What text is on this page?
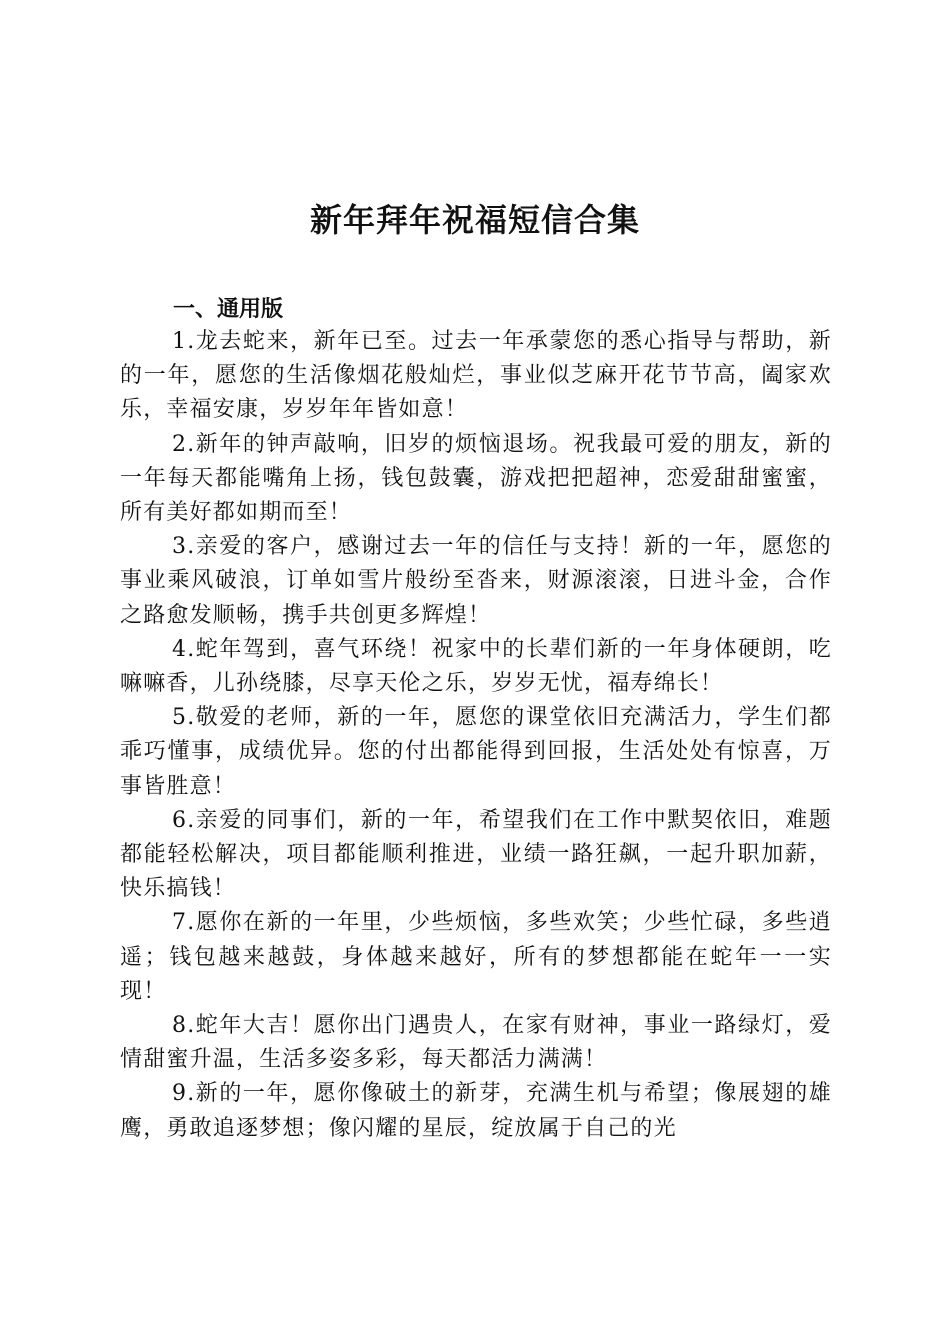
新年拜年祝福短信合集
一、通用版

1.龙去蛇来，新年已至。过去一年承蒙您的悉心指导与帮助，新的一年，愿您的生活像烟花般灿烂，事业似芝麻开花节节高，阖家欢乐，幸福安康，岁岁年年皆如意！

2.新年的钟声敲响，旧岁的烦恼退场。祝我最可爱的朋友，新的一年每天都能嘴角上扬，钱包鼓囊，游戏把把超神，恋爱甜甜蜜蜜，所有美好都如期而至！

3.亲爱的客户，感谢过去一年的信任与支持！新的一年，愿您的事业乘风破浪，订单如雪片般纷至沓来，财源滚滚，日进斗金，合作之路愈发顺畅，携手共创更多辉煌！

4.蛇年驾到，喜气环绕！祝家中的长辈们新的一年身体硬朗，吃嘛嘛香，儿孙绕膝，尽享天伦之乐，岁岁无忧，福寿绵长！

5.敬爱的老师，新的一年，愿您的课堂依旧充满活力，学生们都乖巧懂事，成绩优异。您的付出都能得到回报，生活处处有惊喜，万事皆胜意！

6.亲爱的同事们，新的一年，希望我们在工作中默契依旧，难题都能轻松解决，项目都能顺利推进，业绩一路狂飙，一起升职加薪，快乐搞钱！

7.愿你在新的一年里，少些烦恼，多些欢笑；少些忙碌，多些逍遥；钱包越来越鼓，身体越来越好，所有的梦想都能在蛇年一一实现！

8.蛇年大吉！愿你出门遇贵人，在家有财神，事业一路绿灯，爱情甜蜜升温，生活多姿多彩，每天都活力满满！

9.新的一年，愿你像破土的新芽，充满生机与希望；像展翅的雄鹰，勇敢追逐梦想；像闪耀的星辰，绽放属于自己的光
